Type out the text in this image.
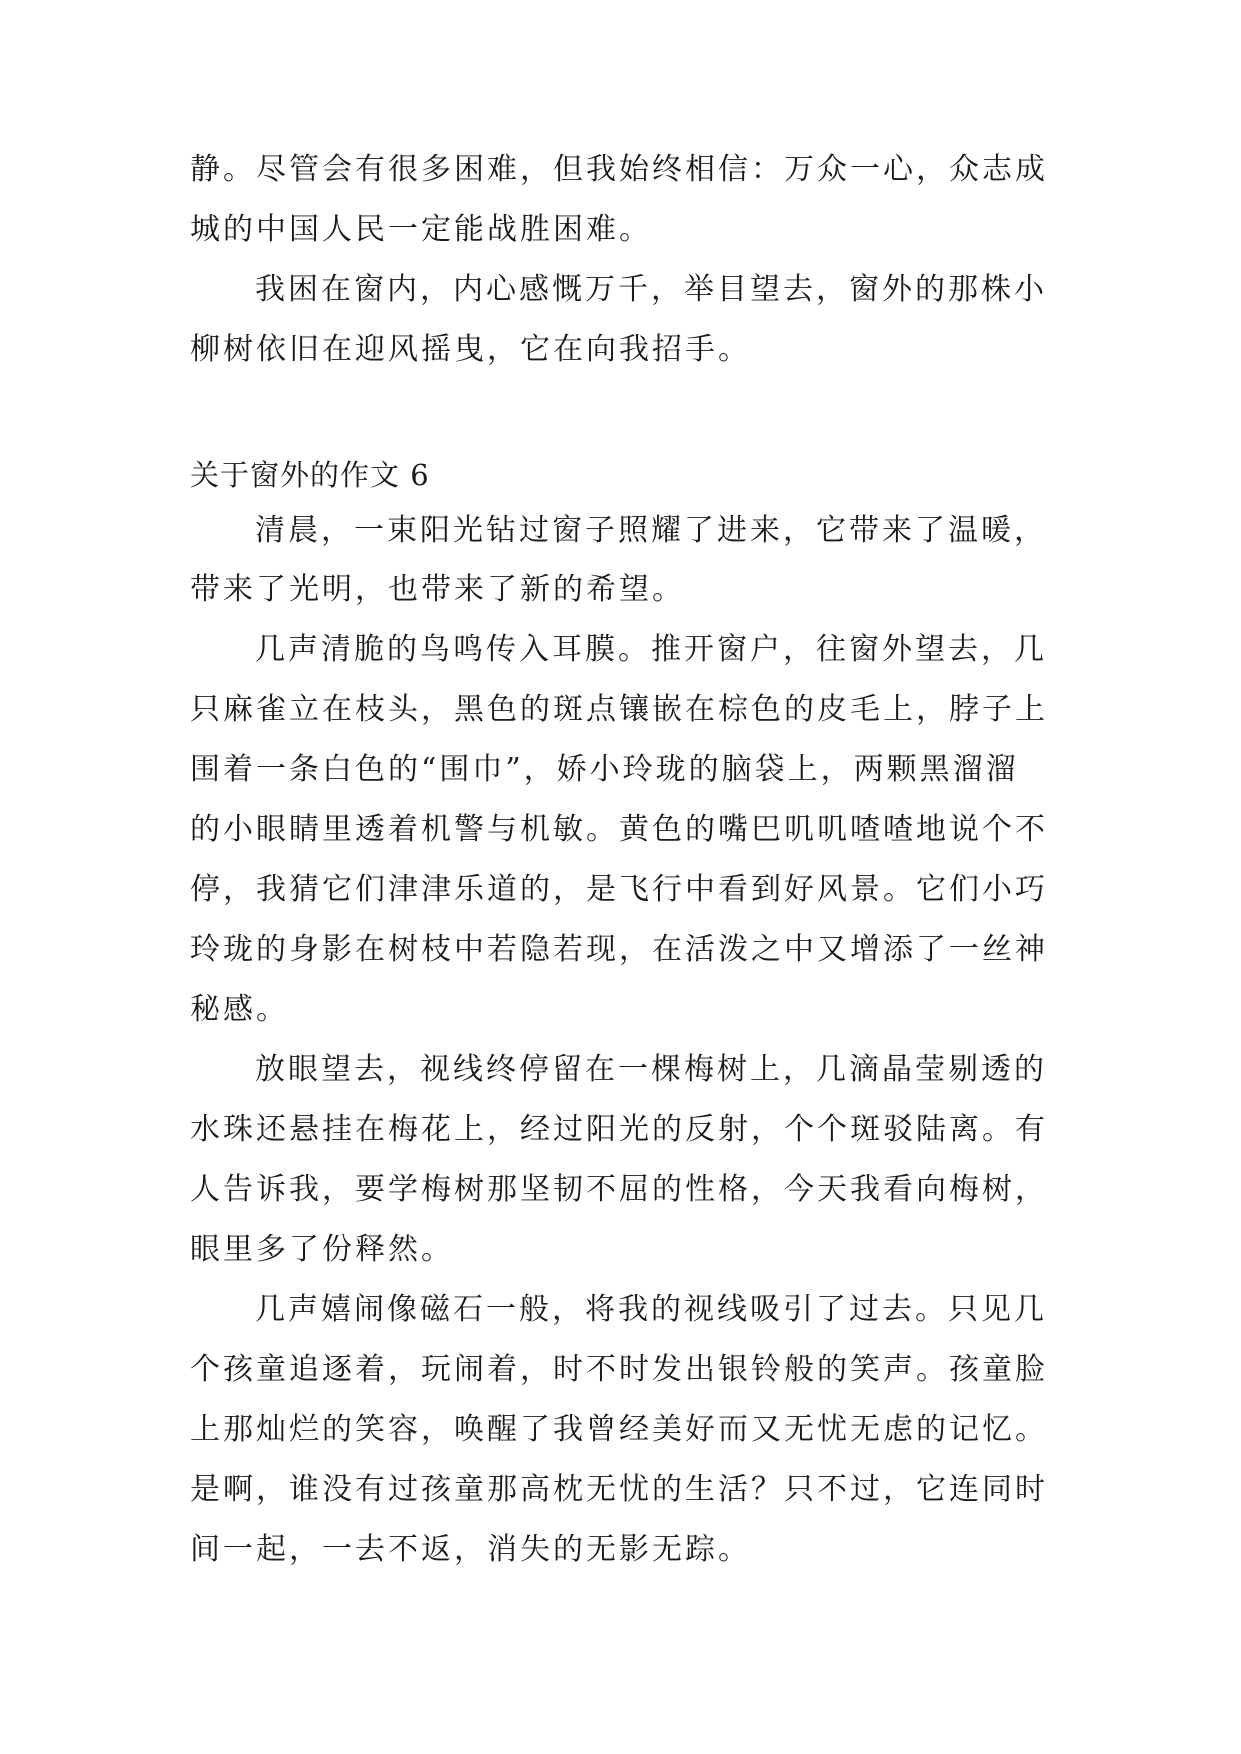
静。尽管会有很多困难，但我始终相信：万众一心，众志成
城的中国人民一定能战胜困难。
我困在窗内，内心感慨万千，举目望去，窗外的那株小
柳树依旧在迎风摇曳，它在向我招手。
关于窗外的作文 6
清晨，一束阳光钻过窗子照耀了进来，它带来了温暖，
带来了光明，也带来了新的希望。
几声清脆的鸟鸣传入耳膜。推开窗户，往窗外望去，几
只麻雀立在枝头，黑色的斑点镶嵌在棕色的皮毛上，脖子上
围着一条白色的“围巾”，娇小玲珑的脑袋上，两颗黑溜溜
的小眼睛里透着机警与机敏。黄色的嘴巴叽叽喳喳地说个不
停，我猜它们津津乐道的，是飞行中看到好风景。它们小巧
玲珑的身影在树枝中若隐若现，在活泼之中又增添了一丝神
秘感。
放眼望去，视线终停留在一棵梅树上，几滴晶莹剔透的
水珠还悬挂在梅花上，经过阳光的反射，个个斑驳陆离。有
人告诉我，要学梅树那坚韧不屈的性格，今天我看向梅树，
眼里多了份释然。
几声嬉闹像磁石一般，将我的视线吸引了过去。只见几
个孩童追逐着，玩闹着，时不时发出银铃般的笑声。孩童脸
上那灿烂的笑容，唤醒了我曾经美好而又无忧无虑的记忆。
是啊，谁没有过孩童那高枕无忧的生活？只不过，它连同时
间一起，一去不返，消失的无影无踪。
